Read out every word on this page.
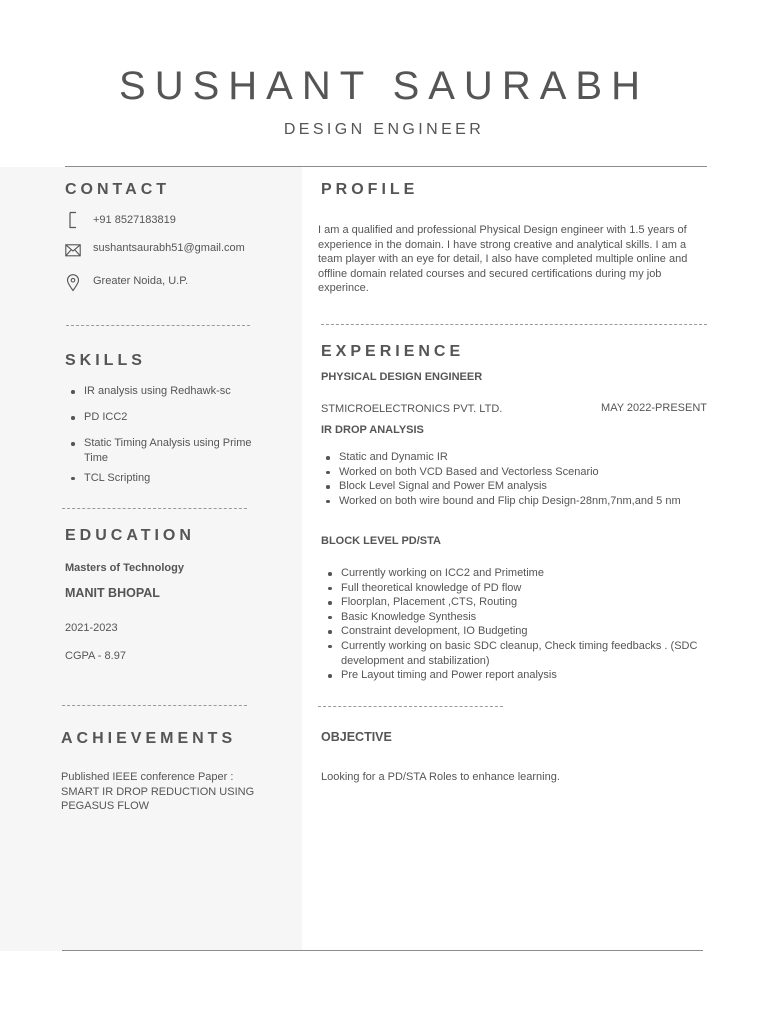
SUSHANT SAURABH
DESIGN ENGINEER
CONTACT
+91 8527183819
sushantsaurabh51@gmail.com
Greater Noida, U.P.
SKILLS
IR analysis using Redhawk-sc
PD ICC2
Static Timing Analysis using Prime Time
TCL Scripting
EDUCATION
Masters of Technology
MANIT BHOPAL
2021-2023
CGPA - 8.97
ACHIEVEMENTS
Published IEEE conference Paper : SMART IR DROP REDUCTION USING PEGASUS FLOW
PROFILE
I am a qualified and professional Physical Design engineer with 1.5 years of experience in the domain. I have strong creative and analytical skills. I am a team player with an eye for detail, I also have completed multiple online and offline domain related courses and secured certifications during my job experince.
EXPERIENCE
PHYSICAL DESIGN ENGINEER
STMICROELECTRONICS PVT. LTD.	MAY 2022-PRESENT
IR DROP ANALYSIS
Static and Dynamic IR
Worked on both VCD Based and Vectorless Scenario
Block Level Signal and Power EM analysis
Worked on both wire bound and Flip chip Design-28nm,7nm,and 5 nm
BLOCK LEVEL PD/STA
Currently working on ICC2 and Primetime
Full theoretical knowledge of PD flow
Floorplan, Placement ,CTS, Routing
Basic Knowledge Synthesis
Constraint development, IO Budgeting
Currently working on basic SDC cleanup, Check timing feedbacks . (SDC development and stabilization)
Pre Layout timing and Power report analysis
OBJECTIVE
Looking for a PD/STA Roles to enhance learning.
